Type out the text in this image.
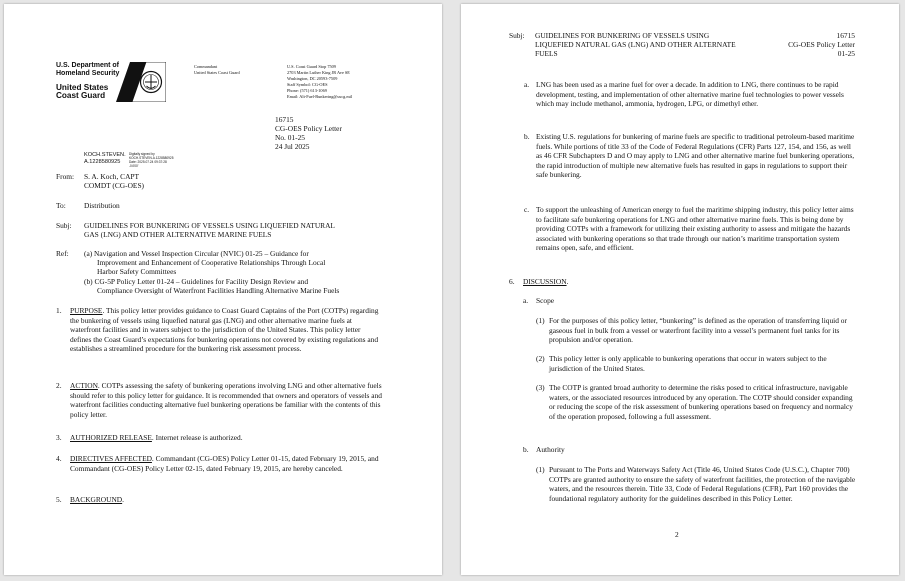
U.S. Department of
Homeland Security
United States
Coast Guard
Commandant
United States Coast Guard
U.S. Coast Guard Stop 7509
2703 Martin Luther King JR Ave SE
Washington, DC 20593-7509
Staff Symbol: CG-OES
Phone: (571) 613-1069
Email: Alt-Fuel-Bunkering@uscg.mil
16715
CG-OES Policy Letter
No. 01-25
24 Jul 2025
KOCH.STEVEN.
A.1228580925
Digitally signed by
KOCH.STEVEN.A.1228580925
Date: 2025.07.24 09:37:28
-04'00'
From: S. A. Koch, CAPT
COMDT (CG-OES)
To: Distribution
Subj: GUIDELINES FOR BUNKERING OF VESSELS USING LIQUEFIED NATURAL
GAS (LNG) AND OTHER ALTERNATIVE MARINE FUELS
Ref: (a) Navigation and Vessel Inspection Circular (NVIC) 01-25 – Guidance for
Improvement and Enhancement of Cooperative Relationships Through Local
Harbor Safety Committees
(b) CG-5P Policy Letter 01-24 – Guidelines for Facility Design Review and
Compliance Oversight of Waterfront Facilities Handling Alternative Marine Fuels
1. PURPOSE. This policy letter provides guidance to Coast Guard Captains of the Port (COTPs) regarding the bunkering of vessels using liquefied natural gas (LNG) and other alternative marine fuels at waterfront facilities and in waters subject to the jurisdiction of the United States. This policy letter defines the Coast Guard’s expectations for bunkering operations not covered by existing regulations and establishes a streamlined procedure for the bunkering risk assessment process.
2. ACTION. COTPs assessing the safety of bunkering operations involving LNG and other alternative fuels should refer to this policy letter for guidance. It is recommended that owners and operators of vessels and waterfront facilities conducting alternative fuel bunkering operations be familiar with the contents of this policy letter.
3. AUTHORIZED RELEASE. Internet release is authorized.
4. DIRECTIVES AFFECTED. Commandant (CG-OES) Policy Letter 01-15, dated February 19, 2015, and Commandant (CG-OES) Policy Letter 02-15, dated February 19, 2015, are hereby canceled.
5. BACKGROUND.
Subj: GUIDELINES FOR BUNKERING OF VESSELS USING
LIQUEFIED NATURAL GAS (LNG) AND OTHER ALTERNATE
FUELS
16715
CG-OES Policy Letter
01-25
a. LNG has been used as a marine fuel for over a decade. In addition to LNG, there continues to be rapid development, testing, and implementation of other alternative marine fuel technologies to power vessels which may include methanol, ammonia, hydrogen, LPG, or dimethyl ether.
b. Existing U.S. regulations for bunkering of marine fuels are specific to traditional petroleum-based maritime fuels. While portions of title 33 of the Code of Federal Regulations (CFR) Parts 127, 154, and 156, as well as 46 CFR Subchapters D and O may apply to LNG and other alternative marine fuel bunkering operations, the rapid introduction of multiple new alternative fuels has resulted in gaps in regulations to support their safe bunkering.
c. To support the unleashing of American energy to fuel the maritime shipping industry, this policy letter aims to facilitate safe bunkering operations for LNG and other alternative marine fuels. This is being done by providing COTPs with a framework for utilizing their existing authority to assess and mitigate the hazards associated with bunkering operations so that trade through our nation’s maritime transportation system remains open, safe, and efficient.
6. DISCUSSION.
a. Scope
(1) For the purposes of this policy letter, “bunkering” is defined as the operation of transferring liquid or gaseous fuel in bulk from a vessel or waterfront facility into a vessel’s permanent fuel tanks for its propulsion and/or operation.
(2) This policy letter is only applicable to bunkering operations that occur in waters subject to the jurisdiction of the United States.
(3) The COTP is granted broad authority to determine the risks posed to critical infrastructure, navigable waters, or the associated resources introduced by any operation. The COTP should consider expanding or reducing the scope of the risk assessment of bunkering operations based on frequency and normalcy of the operation proposed, following a full assessment.
b. Authority
(1) Pursuant to The Ports and Waterways Safety Act (Title 46, United States Code (U.S.C.), Chapter 700) COTPs are granted authority to ensure the safety of waterfront facilities, the protection of the navigable waters, and the resources therein. Title 33, Code of Federal Regulations (CFR), Part 160 provides the foundational regulatory authority for the guidelines described in this Policy Letter.
2
